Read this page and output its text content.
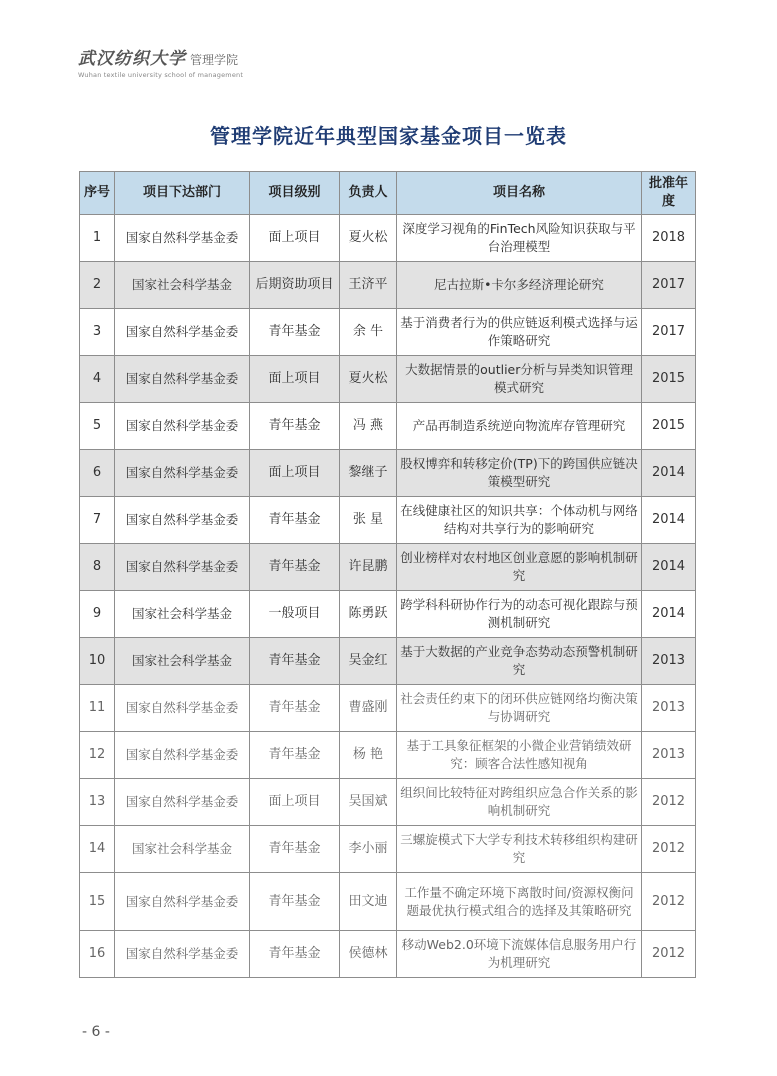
武汉纺织大学 管理学院
Wuhan textile university school of management
管理学院近年典型国家基金项目一览表
序号	项目下达部门	项目级别	负责人	项目名称	批准年度
1	国家自然科学基金委	面上项目	夏火松	深度学习视角的FinTech风险知识获取与平台治理模型	2018
2	国家社会科学基金	后期资助项目	王济平	尼古拉斯•卡尔多经济理论研究	2017
3	国家自然科学基金委	青年基金	余 牛	基于消费者行为的供应链返利模式选择与运作策略研究	2017
4	国家自然科学基金委	面上项目	夏火松	大数据情景的outlier分析与异类知识管理模式研究	2015
5	国家自然科学基金委	青年基金	冯 燕	产品再制造系统逆向物流库存管理研究	2015
6	国家自然科学基金委	面上项目	黎继子	股权博弈和转移定价(TP)下的跨国供应链决策模型研究	2014
7	国家自然科学基金委	青年基金	张 星	在线健康社区的知识共享：个体动机与网络结构对共享行为的影响研究	2014
8	国家自然科学基金委	青年基金	许昆鹏	创业榜样对农村地区创业意愿的影响机制研究	2014
9	国家社会科学基金	一般项目	陈勇跃	跨学科科研协作行为的动态可视化跟踪与预测机制研究	2014
10	国家社会科学基金	青年基金	吴金红	基于大数据的产业竞争态势动态预警机制研究	2013
11	国家自然科学基金委	青年基金	曹盛刚	社会责任约束下的闭环供应链网络均衡决策与协调研究	2013
12	国家自然科学基金委	青年基金	杨 艳	基于工具象征框架的小微企业营销绩效研究：顾客合法性感知视角	2013
13	国家自然科学基金委	面上项目	吴国斌	组织间比较特征对跨组织应急合作关系的影响机制研究	2012
14	国家社会科学基金	青年基金	李小丽	三螺旋模式下大学专利技术转移组织构建研究	2012
15	国家自然科学基金委	青年基金	田文迪	工作量不确定环境下离散时间/资源权衡问题最优执行模式组合的选择及其策略研究	2012
16	国家自然科学基金委	青年基金	侯德林	移动Web2.0环境下流媒体信息服务用户行为机理研究	2012
- 6 -
